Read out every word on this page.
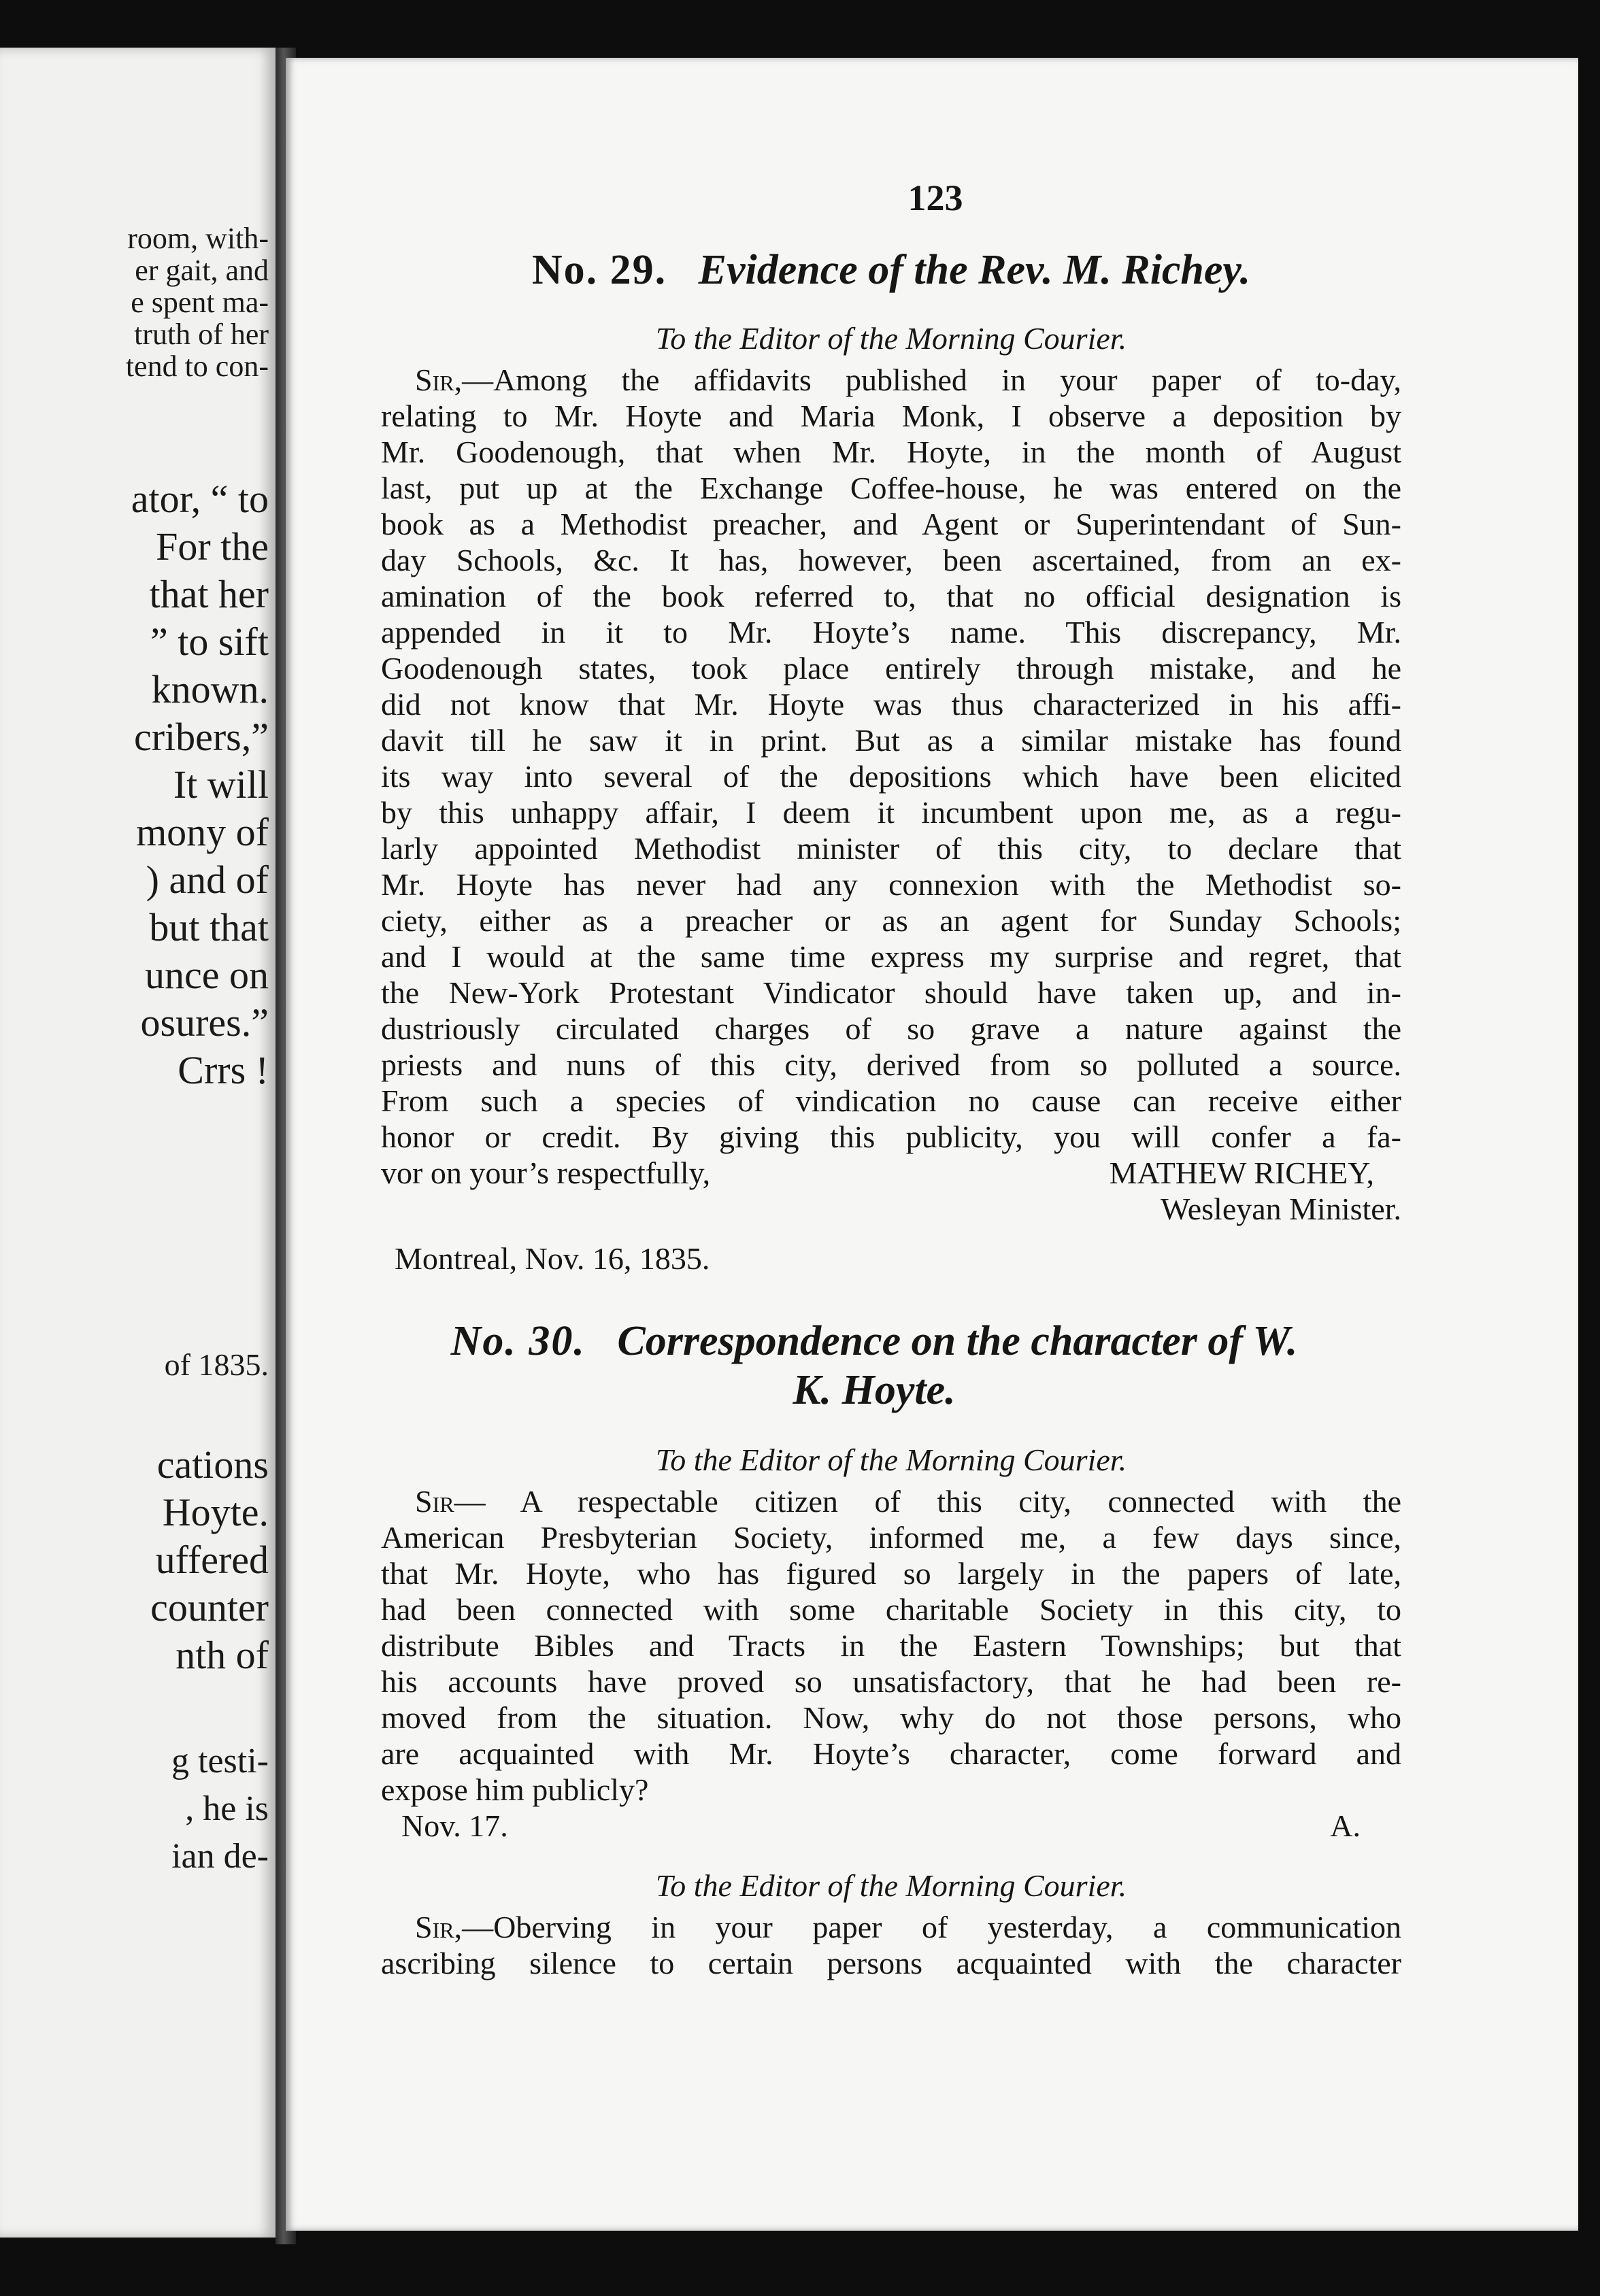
room, with-
er gait, and
e spent ma-
truth of her
tend to con-
ator, “ to
For the
that her
” to sift
known.
cribers,”
It will
mony of
) and of
but that
unce on
osures.”
Crrs !
of 1835.
cations
Hoyte.
uffered
counter
nth of
g testi-
, he is
ian de-
123
No. 29. Evidence of the Rev. M. Richey.
To the Editor of the Morning Courier.
Sir,—Among the affidavits published in your paper of to-day,
relating to Mr. Hoyte and Maria Monk, I observe a deposition by
Mr. Goodenough, that when Mr. Hoyte, in the month of August
last, put up at the Exchange Coffee-house, he was entered on the
book as a Methodist preacher, and Agent or Superintendant of Sun-
day Schools, &c. It has, however, been ascertained, from an ex-
amination of the book referred to, that no official designation is
appended in it to Mr. Hoyte’s name. This discrepancy, Mr.
Goodenough states, took place entirely through mistake, and he
did not know that Mr. Hoyte was thus characterized in his affi-
davit till he saw it in print. But as a similar mistake has found
its way into several of the depositions which have been elicited
by this unhappy affair, I deem it incumbent upon me, as a regu-
larly appointed Methodist minister of this city, to declare that
Mr. Hoyte has never had any connexion with the Methodist so-
ciety, either as a preacher or as an agent for Sunday Schools;
and I would at the same time express my surprise and regret, that
the New-York Protestant Vindicator should have taken up, and in-
dustriously circulated charges of so grave a nature against the
priests and nuns of this city, derived from so polluted a source.
From such a species of vindication no cause can receive either
honor or credit. By giving this publicity, you will confer a fa-
vor on your’s respectfully,	MATHEW RICHEY,
Wesleyan Minister.
Montreal, Nov. 16, 1835.
No. 30. Correspondence on the character of W.
K. Hoyte.
To the Editor of the Morning Courier.
Sir— A respectable citizen of this city, connected with the
American Presbyterian Society, informed me, a few days since,
that Mr. Hoyte, who has figured so largely in the papers of late,
had been connected with some charitable Society in this city, to
distribute Bibles and Tracts in the Eastern Townships; but that
his accounts have proved so unsatisfactory, that he had been re-
moved from the situation. Now, why do not those persons, who
are acquainted with Mr. Hoyte’s character, come forward and
expose him publicly?
Nov. 17.	A.
To the Editor of the Morning Courier.
Sir,—Oberving in your paper of yesterday, a communication
ascribing silence to certain persons acquainted with the character
